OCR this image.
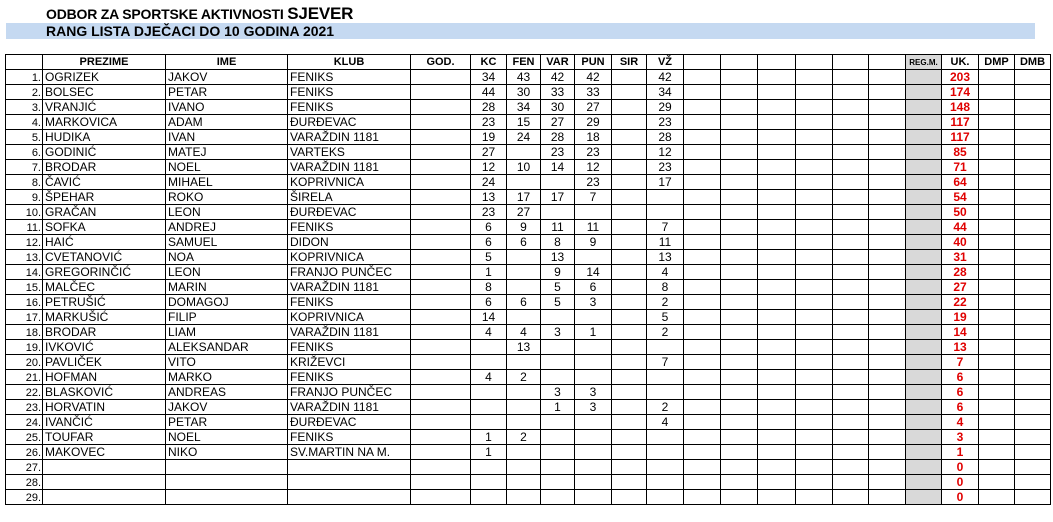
ODBOR ZA SPORTSKE AKTIVNOSTI SJEVER
RANG LISTA DJEČACI DO 10 GODINA 2021
	PREZIME	IME	KLUB	GOD.	KC	FEN	VAR	PUN	SIR	VŽ							REG.M.	UK.	DMP	DMB
1.	OGRIZEK	JAKOV	FENIKS		34	43	42	42		42								203		
2.	BOLSEC	PETAR	FENIKS		44	30	33	33		34								174		
3.	VRANJIĆ	IVANO	FENIKS		28	34	30	27		29								148		
4.	MARKOVICA	ADAM	ĐURĐEVAC		23	15	27	29		23								117		
5.	HUDIKA	IVAN	VARAŽDIN 1181		19	24	28	18		28								117		
6.	GODINIĆ	MATEJ	VARTEKS		27		23	23		12								85		
7.	BRODAR	NOEL	VARAŽDIN 1181		12	10	14	12		23								71		
8.	ČAVIĆ	MIHAEL	KOPRIVNICA		24			23		17								64		
9.	ŠPEHAR	ROKO	ŠIRELA		13	17	17	7										54		
10.	GRAČAN	LEON	ĐURĐEVAC		23	27												50		
11.	SOFKA	ANDREJ	FENIKS		6	9	11	11		7								44		
12.	HAIĆ	SAMUEL	DIDON		6	6	8	9		11								40		
13.	CVETANOVIĆ	NOA	KOPRIVNICA		5		13			13								31		
14.	GREGORINČIĆ	LEON	FRANJO PUNČEC		1		9	14		4								28		
15.	MALČEC	MARIN	VARAŽDIN 1181		8		5	6		8								27		
16.	PETRUŠIĆ	DOMAGOJ	FENIKS		6	6	5	3		2								22		
17.	MARKUŠIĆ	FILIP	KOPRIVNICA		14					5								19		
18.	BRODAR	LIAM	VARAŽDIN 1181		4	4	3	1		2								14		
19.	IVKOVIĆ	ALEKSANDAR	FENIKS			13												13		
20.	PAVLIČEK	VITO	KRIŽEVCI							7								7		
21.	HOFMAN	MARKO	FENIKS		4	2												6		
22.	BLASKOVIĆ	ANDREAS	FRANJO PUNČEC				3	3										6		
23.	HORVATIN	JAKOV	VARAŽDIN 1181				1	3		2								6		
24.	IVANČIĆ	PETAR	ĐURĐEVAC							4								4		
25.	TOUFAR	NOEL	FENIKS		1	2												3		
26.	MAKOVEC	NIKO	SV.MARTIN NA M.		1													1		
27.																		0		
28.																		0		
29.																		0		
